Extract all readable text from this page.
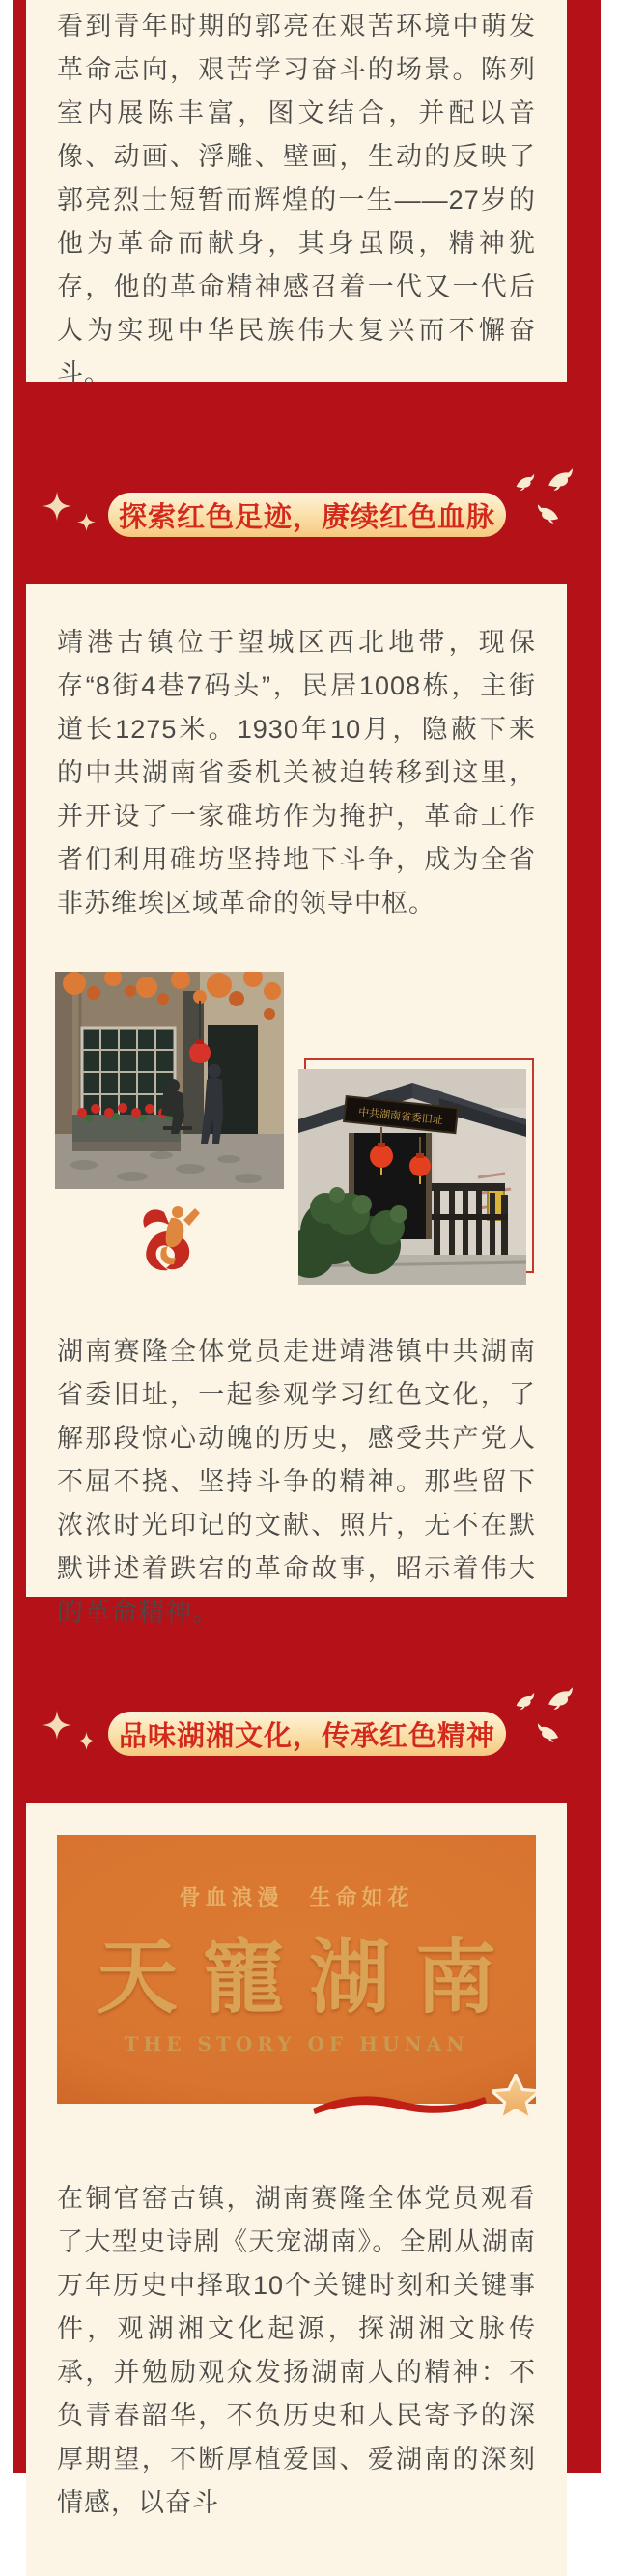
看到青年时期的郭亮在艰苦环境中萌发革命志向，艰苦学习奋斗的场景。陈列室内展陈丰富，图文结合，并配以音像、动画、浮雕、壁画，生动的反映了郭亮烈士短暂而辉煌的一生——27岁的他为革命而献身，其身虽陨，精神犹存，他的革命精神感召着一代又一代后人为实现中华民族伟大复兴而不懈奋斗。
探索红色足迹，赓续红色血脉
靖港古镇位于望城区西北地带，现保存“8街4巷7码头”，民居1008栋，主街道长1275米。1930年10月，隐蔽下来的中共湖南省委机关被迫转移到这里，并开设了一家碓坊作为掩护，革命工作者们利用碓坊坚持地下斗争，成为全省非苏维埃区域革命的领导中枢。
中共湖南省委旧址
湖南赛隆全体党员走进靖港镇中共湖南省委旧址，一起参观学习红色文化，了解那段惊心动魄的历史，感受共产党人不屈不挠、坚持斗争的精神。那些留下浓浓时光印记的文献、照片，无不在默默讲述着跌宕的革命故事，昭示着伟大的革命精神。
品味湖湘文化，传承红色精神
骨血浪漫　生命如花
天寵湖南
THE STORY OF HUNAN
在铜官窑古镇，湖南赛隆全体党员观看了大型史诗剧《天宠湖南》。全剧从湖南万年历史中择取10个关键时刻和关键事件，观湖湘文化起源，探湖湘文脉传承，并勉励观众发扬湖南人的精神：不负青春韶华，不负历史和人民寄予的深厚期望，不断厚植爱国、爱湖南的深刻情感，以奋斗
